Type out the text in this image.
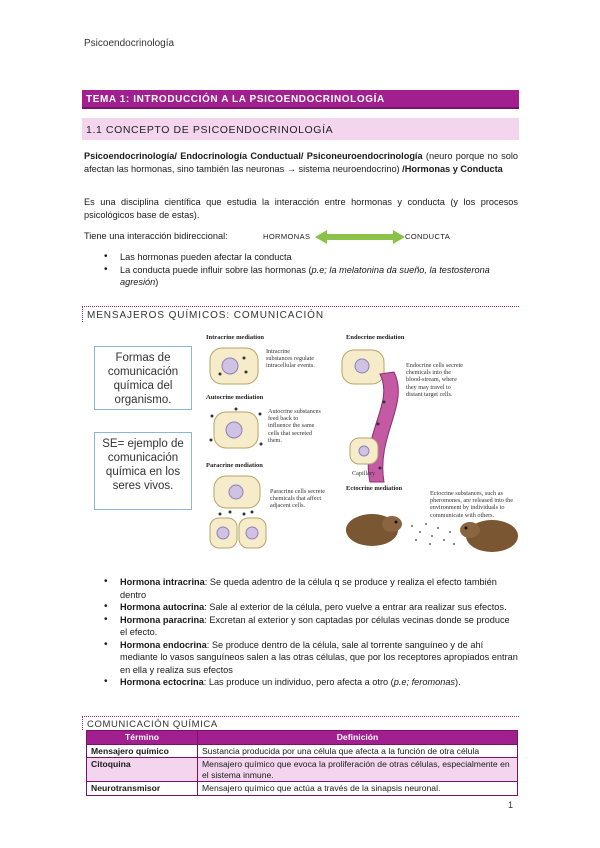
Psicoendocrinología
TEMA 1: INTRODUCCIÓN A LA PSICOENDOCRINOLOGÍA
1.1 CONCEPTO DE PSICOENDOCRINOLOGÍA
Psicoendocrinología/ Endocrinología Conductual/ Psiconeuroendocrinología (neuro porque no solo afectan las hormonas, sino también las neuronas → sistema neuroendocrino) /Hormonas y Conducta
Es una disciplina científica que estudia la interacción entre hormonas y conducta (y los procesos psicológicos base de estas).
Tiene una interacción bidireccional:	HORMONAS	CONDUCTA
• Las hormonas pueden afectar la conducta
• La conducta puede influir sobre las hormonas (p.e; la melatonina da sueño, la testosterona agresión)
MENSAJEROS QUÍMICOS: COMUNICACIÓN
Formas de comunicación química del organismo.
SE= ejemplo de comunicación química en los seres vivos.
Intracrine mediation
Intracrine substances regulate intracellular events.
Autocrine mediation
Autocrine substances feed back to influence the same cells that secreted them.
Paracrine mediation
Paracrine cells secrete chemicals that affect adjacent cells.
Endocrine mediation
Endocrine cells secrete chemicals into the blood-stream, where they may travel to distant target cells.
Capillary
Ectocrine mediation
Ectocrine substances, such as pheromones, are released into the environment by individuals to communicate with others.
• Hormona intracrina: Se queda adentro de la célula q se produce y realiza el efecto también dentro
• Hormona autocrina: Sale al exterior de la célula, pero vuelve a entrar ara realizar sus efectos.
• Hormona paracrina: Excretan al exterior y son captadas por células vecinas donde se produce el efecto.
• Hormona endocrina: Se produce dentro de la célula, sale al torrente sanguíneo y de ahí mediante lo vasos sanguíneos salen a las otras células, que por los receptores apropiados entran en ella y realiza sus efectos
• Hormona ectocrina: Las produce un individuo, pero afecta a otro (p.e; feromonas).
COMUNICACIÓN QUÍMICA
Término	Definición
Mensajero químico	Sustancia producida por una célula que afecta a la función de otra célula
Citoquina	Mensajero químico que evoca la proliferación de otras células, especialmente en el sistema inmune.
Neurotransmisor	Mensajero químico que actúa a través de la sinapsis neuronal.
1
